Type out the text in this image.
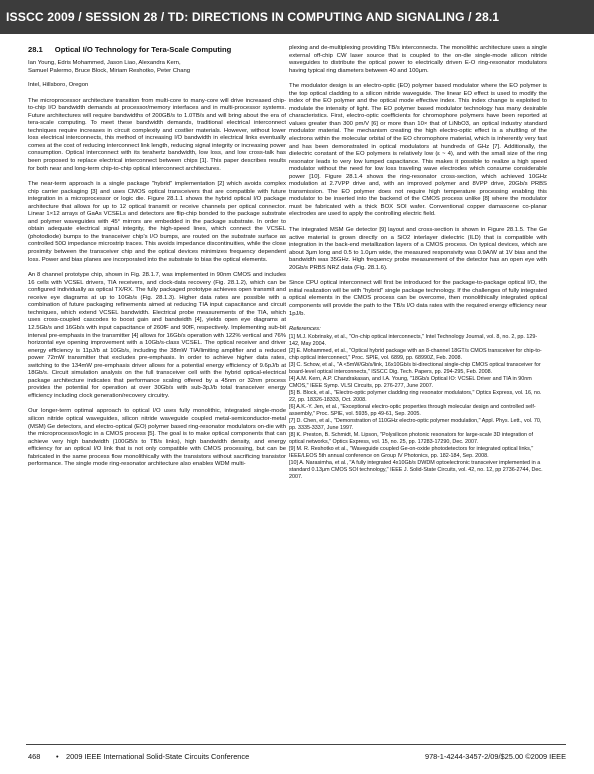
ISSCC 2009 / SESSION 28 / TD: DIRECTIONS IN COMPUTING AND SIGNALING / 28.1

28.1 Optical I/O Technology for Tera-Scale Computing

Ian Young, Edris Mohammed, Jason Liao, Alexandra Kern,
Samuel Palermo, Bruce Block, Miriam Reshotko, Peter Chang

Intel, Hillsboro, Oregon

The microprocessor architecture transition from multi-core to many-core will drive increased chip-to-chip I/O bandwidth demands at processor/memory interfaces and in multi-processor systems. Future architectures will require bandwidths of 200GB/s to 1.0TB/s and will bring about the era of tera-scale computing. To meet these bandwidth demands, traditional electrical interconnect techniques require increases in circuit complexity and costlier materials. However, without lower loss electrical interconnects, this method of increasing I/O bandwidth in electrical links eventually comes at the cost of reducing interconnect link length, reducing signal integrity or increasing power consumption. Optical interconnect with its terahertz bandwidth, low loss, and low cross-talk has been proposed to replace electrical interconnect between chips [1]. This paper describes results for both near and long-term chip-to-chip optical interconnect architectures.

The near-term approach is a single package "hybrid" implementation [2] which avoids complex chip carrier packaging [3] and uses CMOS optical transceivers that are compatible with future integration in a microprocessor or logic die. Figure 28.1.1 shows the hybrid optical I/O package architecture that allows for up to 12 optical transmit or receive channels per optical connector. Linear 1×12 arrays of GaAs VCSELs and detectors are flip-chip bonded to the package substrate and polymer waveguides with 45° mirrors are embedded in the package substrate. In order to obtain adequate electrical signal integrity, the high-speed lines, which connect the VCSEL (photodiode) bumps to the transceiver chip's I/O bumps, are routed on the substrate surface as controlled 50Ω impedance microstrip traces. This avoids impedance discontinuities, while the close proximity between the transceiver chip and the optical devices minimizes frequency dependent loss. Power and bias planes are incorporated into the substrate to bias the optical elements.

An 8 channel prototype chip, shown in Fig. 28.1.7, was implemented in 90nm CMOS and includes 16 cells with VCSEL drivers, TIA receivers, and clock-data recovery (Fig. 28.1.2), which can be configured individually as optical TX/RX. The fully packaged prototype achieves open transmit and receive eye diagrams at up to 10Gb/s (Fig. 28.1.3). Higher data rates are possible with a combination of future packaging refinements aimed at reducing TIA input capacitance and circuit techniques, which extend VCSEL bandwidth. Electrical probe measurements of the TIA, which uses cross-coupled cascodes to boost gain and bandwidth [4], yields open eye diagrams at 12.5Gb/s and 16Gb/s with input capacitance of 260fF and 90fF, respectively. Implementing sub-bit interval pre-emphasis in the transmitter [4] allows for 16Gb/s operation with 122% vertical and 76% horizontal eye opening improvement with a 10Gb/s-class VCSEL. The optical receiver and driver energy efficiency is 11pJ/b at 10Gb/s, including the 38mW TIA/limiting amplifier and a reduced power 72mW transmitter that excludes pre-emphasis. In order to achieve higher data rates, switching to the 134mW pre-emphasis driver allows for a potential energy efficiency of 9.6pJ/b at 18Gb/s. Circuit simulation analysis on the full transceiver cell with the hybrid optical-electrical package architecture indicates that performance scaling offered by a 45nm or 32nm process provides the potential for operation at over 30Gb/s with sub-3pJ/b total transceiver energy efficiency including clock generation/recovery circuitry.

Our longer-term optimal approach to optical I/O uses fully monolithic, integrated single-mode silicon nitride optical waveguides, silicon nitride waveguide coupled metal-semiconductor-metal (MSM) Ge detectors, and electro-optical (EO) polymer based ring-resonator modulators on-die with the microprocessor/logic in a CMOS process [5]. The goal is to make optical components that can achieve very high bandwidth (100GB/s to TB/s links), high bandwidth density, and energy efficiency for an optical I/O link that is not only compatible with CMOS processing, but can be fabricated in the same process flow monolithically with the transistors without sacrificing transistor performance. The single mode ring-resonator architecture also enables WDM multi-

plexing and de-multiplexing providing TB/s interconnects. The monolithic architecture uses a single external off-chip CW laser source that is coupled to the on-die single-mode silicon nitride waveguides to distribute the optical power to electrically driven E-O ring-resonator modulators having typical ring diameters between 40 and 100μm.

The modulator design is an electro-optic (EO) polymer based modulator where the EO polymer is the top optical cladding to a silicon nitride waveguide. The linear EO effect is used to modify the index of the EO polymer and the optical mode effective index. This index change is exploited to modulate the intensity of light. The EO polymer based modulator technology has many desirable characteristics. First, electro-optic coefficients for chromophore polymers have been reported at values greater than 300 pm/V [6] or more than 10× that of LiNbO3, an optical industry standard modulator material. The mechanism creating the high electro-optic effect is a shuttling of the electrons within the molecular orbital of the EO chromophore material, which is inherently very fast and has been demonstrated in optical modulators at hundreds of GHz [7]. Additionally, the dielectric constant of the EO polymers is relatively low (ε ~ 4), and with the small size of the ring resonator leads to very low lumped capacitance. This makes it possible to realize a high speed modulator without the need for low loss traveling wave electrodes which consume considerable power [10]. Figure 28.1.4 shows the ring-resonator cross-section, which achieved 10GHz modulation at 2.7VPP drive and, with an improved polymer and 8VPP drive, 20Gb/s PRBS transmission. The EO polymer does not require high temperature processing enabling this modulator to be inserted into the backend of the CMOS process unlike [8] where the modulator must be fabricated with a thick BOX SOI wafer. Conventional copper damascene co-planar electrodes are used to apply the controlling electric field.

The integrated MSM Ge detector [9] layout and cross-section is shown in Figure 28.1.5. The Ge active material is grown directly on a SiO2 interlayer dielectric (ILD) that is compatible with integration in the back-end metallization layers of a CMOS process. On typical devices, which are about 3μm long and 0.5 to 1.0μm wide, the measured responsivity was 0.9A/W at 1V bias and the bandwidth was 35GHz. High frequency probe measurement of the detector has an open eye with 20Gb/s PRBS NRZ data (Fig. 28.1.6).

Since CPU optical interconnect will first be introduced for the package-to-package optical I/O, the initial realization will be with "hybrid" single package technology. If the challenges of fully integrated optical elements in the CMOS process can be overcome, then monolithically integrated optical components will provide the path to the TB/s I/O data rates with the required energy efficiency near 1pJ/b.

References:

[1] M.J. Kobrinsky, et al., "On-chip optical interconnects," Intel Technology Journal, vol. 8, no. 2, pp. 129-142, May 2004.

[2] E. Mohammed, et al., "Optical hybrid package with an 8-channel 18GT/s CMOS transceiver for chip-to-chip optical interconnect," Proc. SPIE, vol. 6899, pp. 68990Z, Feb. 2008.

[3] C. Schow, et al., "A <5mW/Gb/s/link, 16x10Gb/s bi-directional single-chip CMOS optical transceiver for board-level optical interconnects," ISSCC Dig. Tech. Papers, pp. 294-295, Feb. 2008.

[4] A.M. Kern, A.P. Chandrakasan, and I.A. Young, "18Gb/s Optical IO: VCSEL Driver and TIA in 90nm CMOS," IEEE Symp. VLSI Circuits, pp. 276-277, June 2007.

[5] B. Block, et al., "Electro-optic polymer cladding ring resonator modulators," Optics Express, vol. 16, no. 22, pp. 18326-18333, Oct. 2008.

[6] A.K.-Y. Jen, et al., "Exceptional electro-optic properties through molecular design and controlled self-assembly," Proc. SPIE, vol. 5935, pp 49-61, Sep. 2005.

[7] D. Chen, et al., "Demonstration of 110GHz electro-optic polymer modulation," Appl. Phys. Lett., vol. 70, pp. 3335-3337, June 1997.

[8] K. Preston, B. Schmidt, M. Lipson, "Polysilicon photonic resonators for large-scale 3D integration of optical networks," Optics Express, vol. 15, no. 25, pp. 17283-17290, Dec. 2007.

[9] M. R. Reshotko et al., "Waveguide coupled Ge-on-oxide photodetectors for integrated optical links," IEEE/LEOS 5th annual conference on Group IV Photonics, pp. 182-184, Sep. 2008.

[10] A. Narasimha, et al., "A fully integrated 4x10Gb/s DWDM optoelectronic transceiver implemented in a standard 0.13μm CMOS SOI technology," IEEE J. Solid-State Circuits, vol. 42, no. 12, pp 2736-2744, Dec. 2007.

468 • 2009 IEEE International Solid-State Circuits Conference	978-1-4244-3457-2/09/$25.00 ©2009 IEEE
